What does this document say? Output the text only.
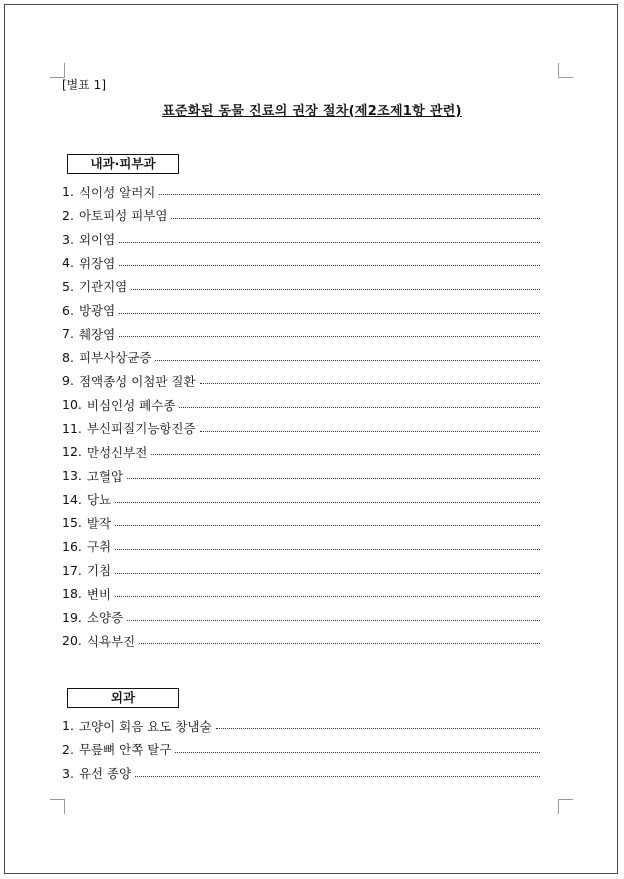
[별표 1]
표준화된 동물 진료의 권장 절차(제2조제1항 관련)
내과·피부과
1. 식이성 알러지
2. 아토피성 피부염
3. 외이염
4. 위장염
5. 기관지염
6. 방광염
7. 췌장염
8. 피부사상균증
9. 점액종성 이첨판 질환
10. 비심인성 폐수종
11. 부신피질기능항진증
12. 만성신부전
13. 고혈압
14. 당뇨
15. 발작
16. 구취
17. 기침
18. 변비
19. 소양증
20. 식욕부진
외과
1. 고양이 회음 요도 창냄술
2. 무릎뼈 안쪽 탈구
3. 유선 종양
